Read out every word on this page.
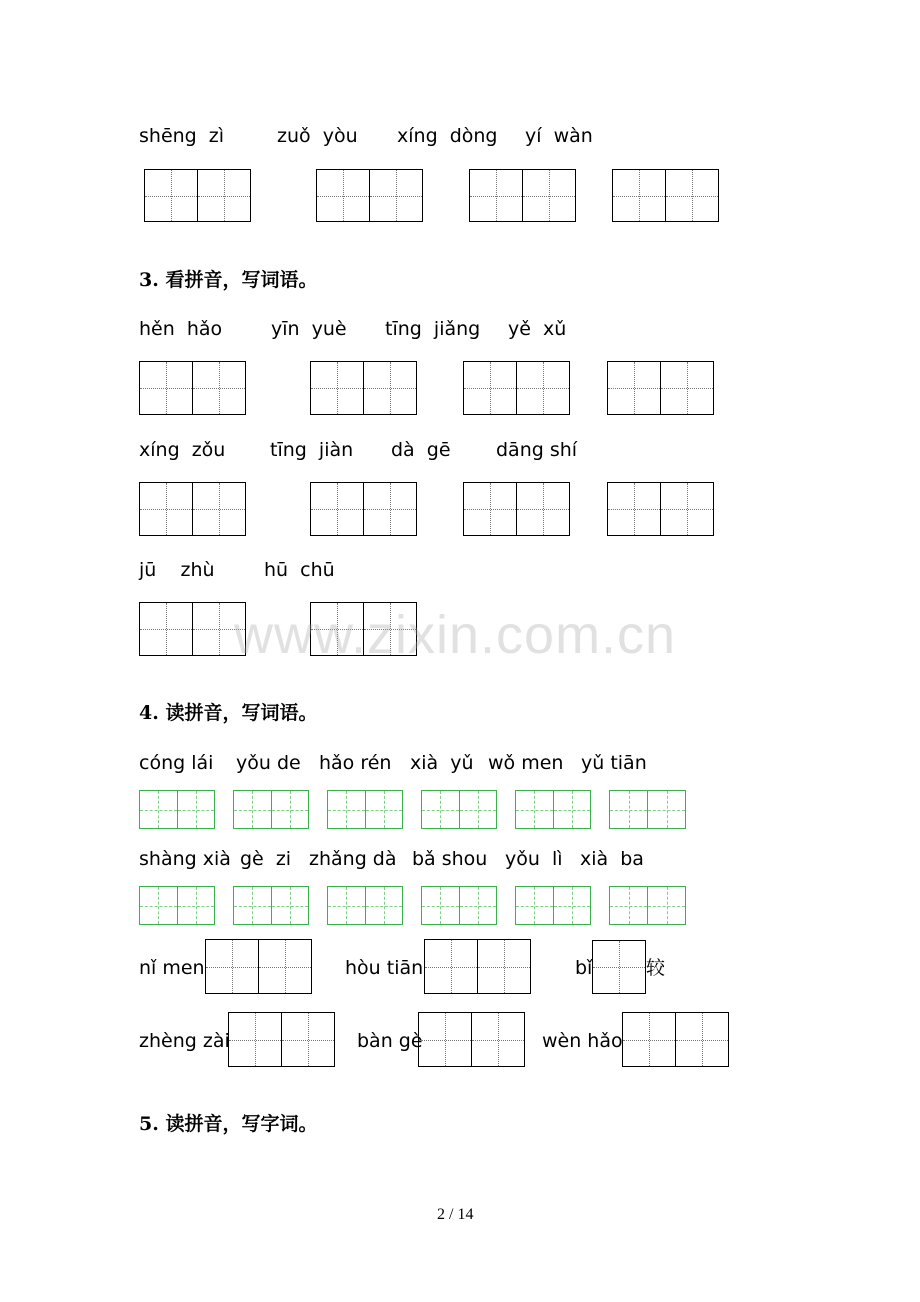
shēng  zì	zuǒ  yòu xíng  dòng yí  wàn
3. 看拼音，写词语。
hěn  hǎo	yīn  yuè tīng  jiǎng yě  xǔ
xíng  zǒu tīng  jiàn dà  gē dāng shí
jū    zhù	hū  chū
www.zixin.com.cn
4. 读拼音，写词语。
cóng lái yǒu de hǎo rén xià  yǔ wǒ men yǔ tiān
shàng xià gè  zi zhǎng dà bǎ shou yǒu  lì xià  ba
nǐ men	hòu tiān	bǐ	较
zhèng zài	bàn gè	wèn hǎo
5. 读拼音，写字词。
2 / 14
